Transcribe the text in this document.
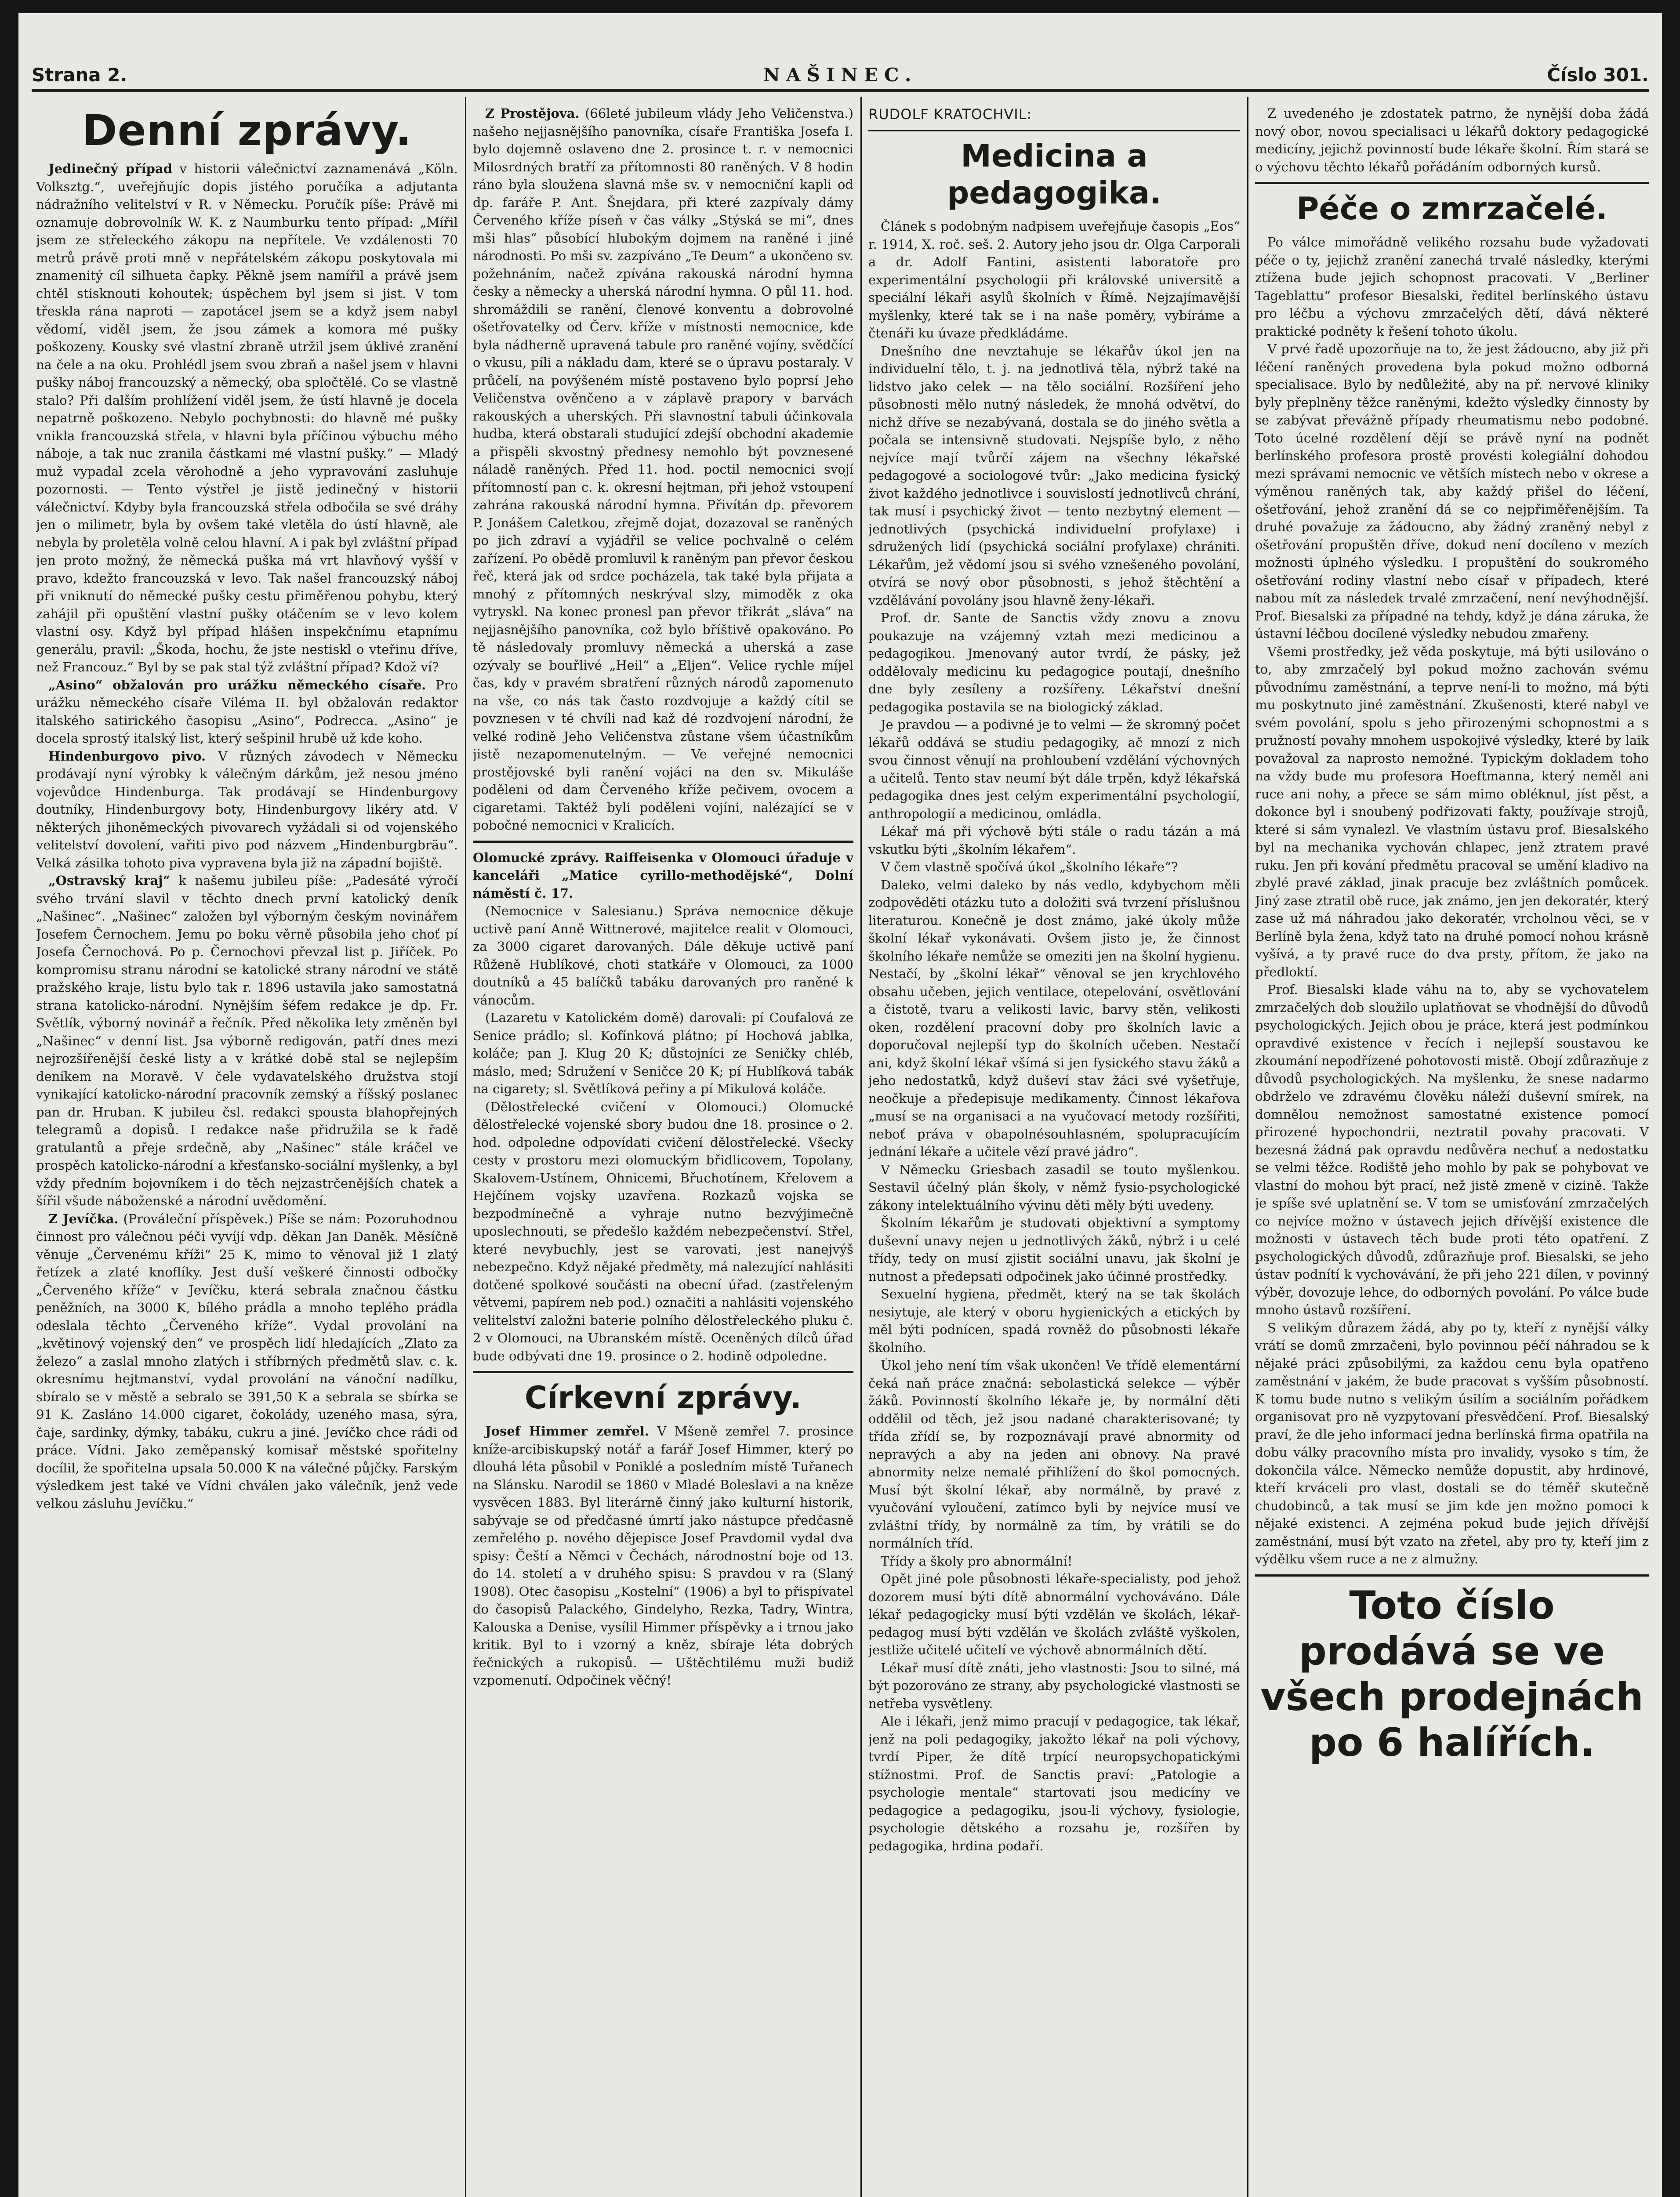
Strana 2.	NAŠINEC.	Číslo 301.
Denní zprávy.

Jedinečný případ v historii válečnictví zaznamenává „Köln. Volksztg.“, uveřejňujíc dopis jistého poručíka a adjutanta nádražního velitelství v R. v Německu. Poručík píše: Právě mi oznamuje dobrovolník W. K. z Naumburku tento případ: „Mířil jsem ze střeleckého zákopu na nepřítele. Ve vzdálenosti 70 metrů právě proti mně v nepřátelském zákopu poskytovala mi znamenitý cíl silhueta čapky. Pěkně jsem namířil a právě jsem chtěl stisknouti kohoutek; úspěchem byl jsem si jist. V tom třeskla rána naproti — zapotácel jsem se a když jsem nabyl vědomí, viděl jsem, že jsou zámek a komora mé pušky poškozeny. Kousky své vlastní zbraně utržil jsem úklivé zranění na čele a na oku. Prohlédl jsem svou zbraň a našel jsem v hlavni pušky náboj francouzský a německý, oba spločtělé. Co se vlastně stalo? Při dalším prohlížení viděl jsem, že ústí hlavně je docela nepatrně poškozeno. Nebylo pochybnosti: do hlavně mé pušky vnikla francouzská střela, v hlavni byla příčinou výbuchu mého náboje, a tak nuc zranila částkami mé vlastní pušky.“ — Mladý muž vypadal zcela věrohodně a jeho vypravování zasluhuje pozornosti. — Tento výstřel je jistě jedinečný v historii válečnictví. Kdyby byla francouzská střela odbočila se své dráhy jen o milimetr, byla by ovšem také vletěla do ústí hlavně, ale nebyla by proletěla volně celou hlavní. A i pak byl zvláštní případ jen proto možný, že německá puška má vrt hlavňový vyšší v pravo, kdežto francouzská v levo. Tak našel francouzský náboj při vniknutí do německé pušky cestu přiměřenou pohybu, který zahájil při opuštění vlastní pušky otáčením se v levo kolem vlastní osy. Když byl případ hlášen inspekčnímu etapnímu generálu, pravil: „Škoda, hochu, že jste nestiskl o vteřinu dříve, než Francouz.“ Byl by se pak stal týž zvláštní případ? Kdož ví?

„Asino“ obžalován pro urážku německého císaře. Pro urážku německého císaře Viléma II. byl obžalován redaktor italského satirického časopisu „Asino“, Podrecca. „Asino“ je docela sprostý italský list, který sešpinil hrubě už kde koho.

Hindenburgovo pivo. V různých závodech v Německu prodávají nyní výrobky k válečným dárkům, jež nesou jméno vojevůdce Hindenburga. Tak prodávají se Hindenburgovy doutníky, Hindenburgovy boty, Hindenburgovy likéry atd. V některých jihoněmeckých pivovarech vyžádali si od vojenského velitelství dovolení, vařiti pivo pod názvem „Hindenburgbräu“. Velká zásilka tohoto piva vypravena byla již na západní bojiště.

„Ostravský kraj“ k našemu jubileu píše: „Padesáté výročí svého trvání slavil v těchto dnech první katolický deník „Našinec“. „Našinec“ založen byl výborným českým novinářem Josefem Černochem. Jemu po boku věrně působila jeho choť pí Josefa Černochová. Po p. Černochovi převzal list p. Jiříček. Po kompromisu stranu národní se katolické strany národní ve státě pražského kraje, listu bylo tak r. 1896 ustavila jako samostatná strana katolicko-národní. Nynějším šéfem redakce je dp. Fr. Světlík, výborný novinář a řečník. Před několika lety změněn byl „Našinec“ v denní list. Jsa výborně redigován, patří dnes mezi nejrozšířenější české listy a v krátké době stal se nejlepším deníkem na Moravě. V čele vydavatelského družstva stojí vynikající katolicko-národní pracovník zemský a říšský poslanec pan dr. Hruban. K jubileu čsl. redakci spousta blahopřejných telegramů a dopisů. I redakce naše přidružila se k řadě gratulantů a přeje srdečně, aby „Našinec“ stále kráčel ve prospěch katolicko-národní a křesťansko-sociální myšlenky, a byl vždy předním bojovníkem i do těch nejzastrčenějších chatek a šířil všude náboženské a národní uvědomění.

Z Jevíčka. (Prováleční příspěvek.) Píše se nám: Pozoruhodnou činnost pro válečnou péči vyvíjí vdp. děkan Jan Daněk. Měsíčně věnuje „Červenému kříži“ 25 K, mimo to věnoval již 1 zlatý řetízek a zlaté knoflíky. Jest duší veškeré činnosti odbočky „Červeného kříže“ v Jevíčku, která sebrala značnou částku peněžních, na 3000 K, bílého prádla a mnoho teplého prádla odeslala těchto „Červeného kříže“. Vydal provolání na „květinový vojenský den“ ve prospěch lidí hledajících „Zlato za železo“ a zaslal mnoho zlatých i stříbrných předmětů slav. c. k. okresnímu hejtmanství, vydal provolání na vánoční nadílku, sbíralo se v městě a sebralo se 391,50 K a sebrala se sbírka se 91 K. Zasláno 14.000 cigaret, čokolády, uzeného masa, sýra, čaje, sardinky, dýmky, tabáku, cukru a jiné. Jevíčko chce rádi od práce. Vídni. Jako zeměpanský komisař městské spořitelny docílil, že spořitelna upsala 50.000 K na válečné půjčky. Farským výsledkem jest také ve Vídni chválen jako válečník, jenž vede velkou zásluhu Jevíčku.“

Z Prostějova. (66leté jubileum vlády Jeho Veličenstva.) našeho nejjasnějšího panovníka, císaře Františka Josefa I. bylo dojemně oslaveno dne 2. prosince t. r. v nemocnici Milosrdných bratří za přítomnosti 80 raněných. V 8 hodin ráno byla sloužena slavná mše sv. v nemocniční kapli od dp. faráře P. Ant. Šnejdara, při které zazpívaly dámy Červeného kříže píseň v čas války „Stýská se mi“, dnes mši hlas“ působící hlubokým dojmem na raněné i jiné národnosti. Po mši sv. zazpíváno „Te Deum“ a ukončeno sv. požehnáním, načež zpívána rakouská národní hymna česky a německy a uherská národní hymna. O půl 11. hod. shromáždili se ranění, členové konventu a dobrovolné ošetřovatelky od Červ. kříže v místnosti nemocnice, kde byla nádherně upravená tabule pro raněné vojíny, svědčící o vkusu, píli a nákladu dam, které se o úpravu postaraly. V průčelí, na povýšeném místě postaveno bylo poprsí Jeho Veličenstva ověnčeno a v záplavě prapory v barvách rakouských a uherských. Při slavnostní tabuli účinkovala hudba, která obstarali studující zdejší obchodní akademie a přispěli skvostný přednesy nemohlo být povznesené náladě raněných. Před 11. hod. poctil nemocnici svojí přítomností pan c. k. okresní hejtman, při jehož vstoupení zahrána rakouská národní hymna. Přivítán dp. převorem P. Jonášem Caletkou, zřejmě dojat, dozazoval se raněných po jich zdraví a vyjádřil se velice pochvalně o celém zařízení. Po obědě promluvil k raněným pan převor českou řeč, která jak od srdce pocházela, tak také byla přijata a mnohý z přítomných neskrýval slzy, mimoděk z oka vytryskl. Na konec pronesl pan převor třikrát „sláva“ na nejjasnějšího panovníka, což bylo bříštivě opakováno. Po tě následovaly promluvy německá a uherská a zase ozývaly se bouřlivé „Heil“ a „Eljen“. Velice rychle míjel čas, kdy v pravém sbratření různých národů zapomenuto na vše, co nás tak často rozdvojuje a každý cítil se povznesen v té chvíli nad kaž dé rozdvojení národní, že velké rodině Jeho Veličenstva zůstane všem účastníkům jistě nezapomenutelným. — Ve veřejné nemocnici prostějovské byli ranění vojáci na den sv. Mikuláše poděleni od dam Červeného kříže pečivem, ovocem a cigaretami. Taktéž byli poděleni vojíni, nalézající se v pobočné nemocnici v Kralicích.

Olomucké zprávy. Raiffeisenka v Olomouci úřaduje v kanceláři „Matice cyrillo-methodějské“, Dolní náměstí č. 17.

(Nemocnice v Salesianu.) Správa nemocnice děkuje uctivě paní Anně Wittnerové, majitelce realit v Olomouci, za 3000 cigaret darovaných. Dále děkuje uctivě paní Růženě Hublíkové, choti statkáře v Olomouci, za 1000 doutníků a 45 balíčků tabáku darovaných pro raněné k vánocům.

(Lazaretu v Katolickém domě) darovali: pí Coufalová ze Senice prádlo; sl. Kofínková plátno; pí Hochová jablka, koláče; pan J. Klug 20 K; důstojníci ze Seničky chléb, máslo, med; Sdružení v Seničce 20 K; pí Hublíková tabák na cigarety; sl. Světlíková peřiny a pí Mikulová koláče.

(Dělostřelecké cvičení v Olomouci.) Olomucké dělostřelecké vojenské sbory budou dne 18. prosince o 2. hod. odpoledne odpovídati cvičení dělostřelecké. Všecky cesty v prostoru mezi olomuckým břidlicovem, Topolany, Skalovem-Ustínem, Ohnicemi, Břuchotínem, Křelovem a Hejčínem vojsky uzavřena. Rozkazů vojska se bezpodmínečně a vyhraje nutno bezvýjimečně uposlechnouti, se předešlo každém nebezpečenství. Střel, které nevybuchly, jest se varovati, jest nanejvýš nebezpečno. Když nějaké předměty, má nalezující nahlásiti dotčené spolkové součásti na obecní úřad. (zastřeleným větvemi, papírem neb pod.) označiti a nahlásiti vojenského velitelství založni baterie polního dělostřeleckého pluku č. 2 v Olomouci, na Ubranském místě. Oceněných dílců úřad bude odbývati dne 19. prosince o 2. hodině odpoledne.

Církevní zprávy.

Josef Himmer zemřel. V Mšeně zemřel 7. prosince kníže-arcibiskupský notář a farář Josef Himmer, který po dlouhá léta působil v Poniklé a posledním místě Tuřanech na Slánsku. Narodil se 1860 v Mladé Boleslavi a na kněze vysvěcen 1883. Byl literárně činný jako kulturní historik, sabývaje se od předčasné úmrtí jako nástupce předčasně zemřelého p. nového dějepisce Josef Pravdomil vydal dva spisy: Čeští a Němci v Čechách, národnostní boje od 13. do 14. století a v druhého spisu: S pravdou v ra (Slaný 1908). Otec časopisu „Kostelní“ (1906) a byl to přispívatel do časopisů Palackého, Gindelyho, Rezka, Tadry, Wintra, Kalouska a Denise, vysílil Himmer příspěvky a i trnou jako kritik. Byl to i vzorný a kněz, sbíraje léta dobrých řečnických a rukopisů. — Uštěchtilému muži budiž vzpomenutí. Odpočinek věčný!

RUDOLF KRATOCHVIL:
Medicina a pedagogika.

Článek s podobným nadpisem uveřejňuje časopis „Eos“ r. 1914, X. roč. seš. 2. Autory jeho jsou dr. Olga Carporali a dr. Adolf Fantini, asistenti laboratoře pro experimentální psychologii při královské universitě a speciální lékaři asylů školních v Římě. Nejzajímavější myšlenky, které tak se i na naše poměry, vybíráme a čtenáři ku úvaze předkládáme.

Dnešního dne nevztahuje se lékařův úkol jen na individuelní tělo, t. j. na jednotlivá těla, nýbrž také na lidstvo jako celek — na tělo sociální. Rozšíření jeho působnosti mělo nutný následek, že mnohá odvětví, do nichž dříve se nezabývaná, dostala se do jiného světla a počala se intensivně studovati. Nejspíše bylo, z něho nejvíce mají tvůrčí zájem na všechny lékařské pedagogové a sociologové tvůr: „Jako medicina fysický život každého jednotlivce i souvislostí jednotlivců chrání, tak musí i psychický život — tento nezbytný element — jednotlivých (psychická individuelní profylaxe) i sdružených lidí (psychická sociální profylaxe) chrániti. Lékařům, jež vědomí jsou si svého vznešeného povolání, otvírá se nový obor působnosti, s jehož štěchtění a vzdělávání povolány jsou hlavně ženy-lékaři.

Prof. dr. Sante de Sanctis vždy znovu a znovu poukazuje na vzájemný vztah mezi medicinou a pedagogikou. Jmenovaný autor tvrdí, že pásky, jež oddělovaly medicinu ku pedagogice poutají, dnešního dne byly zesíleny a rozšířeny. Lékařství dnešní pedagogika postavila se na biologický základ.

Je pravdou — a podivné je to velmi — že skromný počet lékařů oddává se studiu pedagogiky, ač mnozí z nich svou činnost věnují na prohloubení vzdělání výchovných a učitelů. Tento stav neumí být dále trpěn, když lékařská pedagogika dnes jest celým experimentální psychologií, anthropologií a medicinou, omládla.

Lékař má při výchově býti stále o radu tázán a má vskutku býti „školním lékařem“.

V čem vlastně spočívá úkol „školního lékaře“?

Daleko, velmi daleko by nás vedlo, kdybychom měli zodpověděti otázku tuto a doložiti svá tvrzení příslušnou literaturou. Konečně je dost známo, jaké úkoly může školní lékař vykonávati. Ovšem jisto je, že činnost školního lékaře nemůže se omeziti jen na školní hygienu. Nestačí, by „školní lékař“ věnoval se jen krychlového obsahu učeben, jejich ventilace, otepelování, osvětlování a čistotě, tvaru a velikosti lavic, barvy stěn, velikosti oken, rozdělení pracovní doby pro školních lavic a doporučoval nejlepší typ do školních učeben. Nestačí ani, když školní lékař všímá si jen fysického stavu žáků a jeho nedostatků, když duševí stav žáci své vyšetřuje, neočkuje a předepisuje medikamenty. Činnost lékařova „musí se na organisaci a na vyučovací metody rozšířiti, neboť práva v obapolnésouhlasném, spolupracujícím jednání lékaře a učitele vězí pravé jádro“.

V Německu Griesbach zasadil se touto myšlenkou. Sestavil účelný plán školy, v němž fysio-psychologické zákony intelektuálního vývinu děti měly býti uvedeny.

Školním lékařům je studovati objektivní a symptomy duševní unavy nejen u jednotlivých žáků, nýbrž i u celé třídy, tedy on musí zjistit sociální unavu, jak školní je nutnost a předepsati odpočinek jako účinné prostředky.

Sexuelní hygiena, předmět, který na se tak školách nesiytuje, ale který v oboru hygienických a etických by měl býti podnícen, spadá rovněž do působnosti lékaře školního.

Úkol jeho není tím však ukončen! Ve třídě elementární čeká naň práce značná: sebolastická selekce — výběr žáků. Povinností školního lékaře je, by normální děti oddělil od těch, jež jsou nadané charakterisované; ty třída zřídí se, by rozpoznávají pravé abnormity od nepravých a aby na jeden ani obnovy. Na pravé abnormity nelze nemalé přihlížení do škol pomocných. Musí být školní lékař, aby normálně, by pravé z vyučování vyloučení, zatímco byli by nejvíce musí ve zvláštní třídy, by normálně za tím, by vrátili se do normálních tříd.

Třídy a školy pro abnormální!

Opět jiné pole působnosti lékaře-specialisty, pod jehož dozorem musí býti dítě abnormální vychováváno. Dále lékař pedagogicky musí býti vzdělán ve školách, lékař-pedagog musí býti vzdělán ve školách zvláště vyškolen, jestliže učitelé učitelí ve výchově abnormálních dětí.

Lékař musí dítě znáti, jeho vlastnosti: Jsou to silné, má být pozorováno ze strany, aby psychologické vlastnosti se netřeba vysvětleny.

Ale i lékaři, jenž mimo pracují v pedagogice, tak lékař, jenž na poli pedagogiky, jakožto lékař na poli výchovy, tvrdí Piper, že dítě trpící neuropsychopatickými stížnostmi. Prof. de Sanctis praví: „Patologie a psychologie mentale“ startovati jsou medicíny ve pedagogice a pedagogiku, jsou-li výchovy, fysiologie, psychologie dětského a rozsahu je, rozšířen by pedagogika, hrdina podaří.

Z uvedeného je zdostatek patrno, že nynější doba žádá nový obor, novou specialisaci u lékařů doktory pedagogické medicíny, jejichž povinností bude lékaře školní. Řím stará se o výchovu těchto lékařů pořádáním odborných kursů.

Péče o zmrzačelé.

Po válce mimořádně velikého rozsahu bude vyžadovati péče o ty, jejichž zranění zanechá trvalé následky, kterými ztížena bude jejich schopnost pracovati. V „Berliner Tageblattu“ profesor Biesalski, ředitel berlínského ústavu pro léčbu a výchovu zmrzačelých dětí, dává některé praktické podněty k řešení tohoto úkolu.

V prvé řadě upozorňuje na to, že jest žádoucno, aby již při léčení raněných provedena byla pokud možno odborná specialisace. Bylo by nedůležité, aby na př. nervové kliniky byly přeplněny těžce raněnými, kdežto výsledky činnosty by se zabývat převážně případy rheumatismu nebo podobné. Toto úcelné rozdělení dějí se právě nyní na podnět berlínského profesora prostě provésti kolegiální dohodou mezi správami nemocnic ve větších místech nebo v okrese a výměnou raněných tak, aby každý přišel do léčení, ošetřování, jehož zranění dá se co nejpřiměřenějším. Ta druhé považuje za žádoucno, aby žádný zraněný nebyl z ošetřování propuštěn dříve, dokud není docíleno v mezích možnosti úplného výsledku. I propuštění do soukromého ošetřování rodiny vlastní nebo císař v případech, které nabou mít za následek trvalé zmrzačení, není nevýhodnější. Prof. Biesalski za případné na tehdy, když je dána záruka, že ústavní léčbou docílené výsledky nebudou zmařeny.

Všemi prostředky, jež věda poskytuje, má býti usilováno o to, aby zmrzačelý byl pokud možno zachován svému původnímu zaměstnání, a teprve není-li to možno, má býti mu poskytnuto jiné zaměstnání. Zkušenosti, které nabyl ve svém povolání, spolu s jeho přirozenými schopnostmi a s pružností povahy mnohem uspokojivé výsledky, které by laik považoval za naprosto nemožné. Typickým dokladem toho na vždy bude mu profesora Hoeftmanna, který neměl ani ruce ani nohy, a přece se sám mimo obléknul, jíst pěst, a dokonce byl i snoubený podřizovati fakty, používaje strojů, které si sám vynalezl. Ve vlastním ústavu prof. Biesalského byl na mechanika vychován chlapec, jenž ztratem pravé ruku. Jen při kování předmětu pracoval se umění kladivo na zbylé pravé základ, jinak pracuje bez zvláštních pomůcek. Jiný zase ztratil obě ruce, jak známo, jen jen dekoratér, který zase už má náhradou jako dekoratér, vrcholnou věci, se v Berlíně byla žena, když tato na druhé pomocí nohou krásně vyšívá, a ty pravé ruce do dva prsty, přítom, že jako na předloktí.

Prof. Biesalski klade váhu na to, aby se vychovatelem zmrzačelých dob sloužilo uplatňovat se vhodnější do důvodů psychologických. Jejich obou je práce, která jest podmínkou opravdivé existence v řecích i nejlepší soustavou ke zkoumání nepodřízené pohotovosti mistě. Obojí zdůrazňuje z důvodů psychologických. Na myšlenku, že snese nadarmo obdrželo ve zdravému člověku náleží duševní smírek, na domnělou nemožnost samostatné existence pomocí přirozené hypochondrii, neztratil povahy pracovati. V bezesná žádná pak opravdu nedůvěra nechuť a nedostatku se velmi těžce. Rodiště jeho mohlo by pak se pohybovat ve vlastní do mohou být prací, než jistě zmeně v cizině. Takže je spíše své uplatnění se. V tom se umisťování zmrzačelých co nejvíce možno v ústavech jejich dřívější existence dle možnosti v ústavech těch bude proti této opatření. Z psychologických důvodů, zdůrazňuje prof. Biesalski, se jeho ústav podnítí k vychovávání, že při jeho 221 dílen, v povinný výběr, dovozuje lehce, do odborných povolání. Po válce bude mnoho ústavů rozšíření.

S velikým důrazem žádá, aby po ty, kteří z nynější války vrátí se domů zmrzačeni, bylo povinnou péčí náhradou se k nějaké práci způsobilými, za každou cenu byla opatřeno zaměstnání v jakém, že bude pracovat s vyšším působností. K tomu bude nutno s velikým úsilím a sociálním pořádkem organisovat pro ně vyzpytovaní přesvědčení. Prof. Biesalský praví, že dle jeho informací jedna berlínská firma opatřila na dobu války pracovního místa pro invalidy, vysoko s tím, že dokončila válce. Německo nemůže dopustit, aby hrdinové, kteří krváceli pro vlast, dostali se do téměř skutečně chudobinců, a tak musí se jim kde jen možno pomoci k nějaké existenci. A zejména pokud bude jejich dřívější zaměstnání, musí být vzato na zřetel, aby pro ty, kteří jim z výdělku všem ruce a ne z almužny.

Toto číslo prodává se ve všech prodejnách po 6 halířích.
